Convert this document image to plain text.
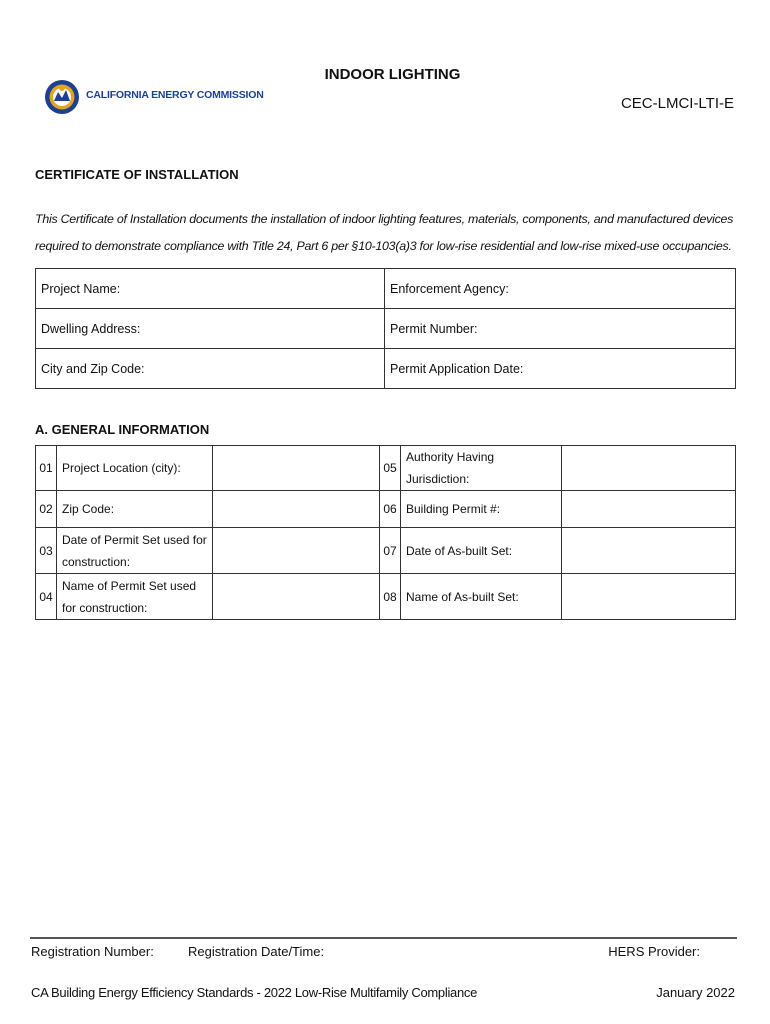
CALIFORNIA ENERGY COMMISSION
INDOOR LIGHTING
CEC-LMCI-LTI-E
CERTIFICATE OF INSTALLATION
This Certificate of Installation documents the installation of indoor lighting features, materials, components, and manufactured devices required to demonstrate compliance with Title 24, Part 6 per §10-103(a)3 for low-rise residential and low-rise mixed-use occupancies.
Project Name:	Enforcement Agency:
Dwelling Address:	Permit Number:
City and Zip Code:	Permit Application Date:
A. GENERAL INFORMATION
01	Project Location (city):		05	Authority Having Jurisdiction:	
02	Zip Code:		06	Building Permit #:	
03	Date of Permit Set used for construction:		07	Date of As-built Set:	
04	Name of Permit Set used for construction:		08	Name of As-built Set:	
Registration Number:	Registration Date/Time:	HERS Provider:
CA Building Energy Efficiency Standards - 2022 Low-Rise Multifamily Compliance	January 2022
